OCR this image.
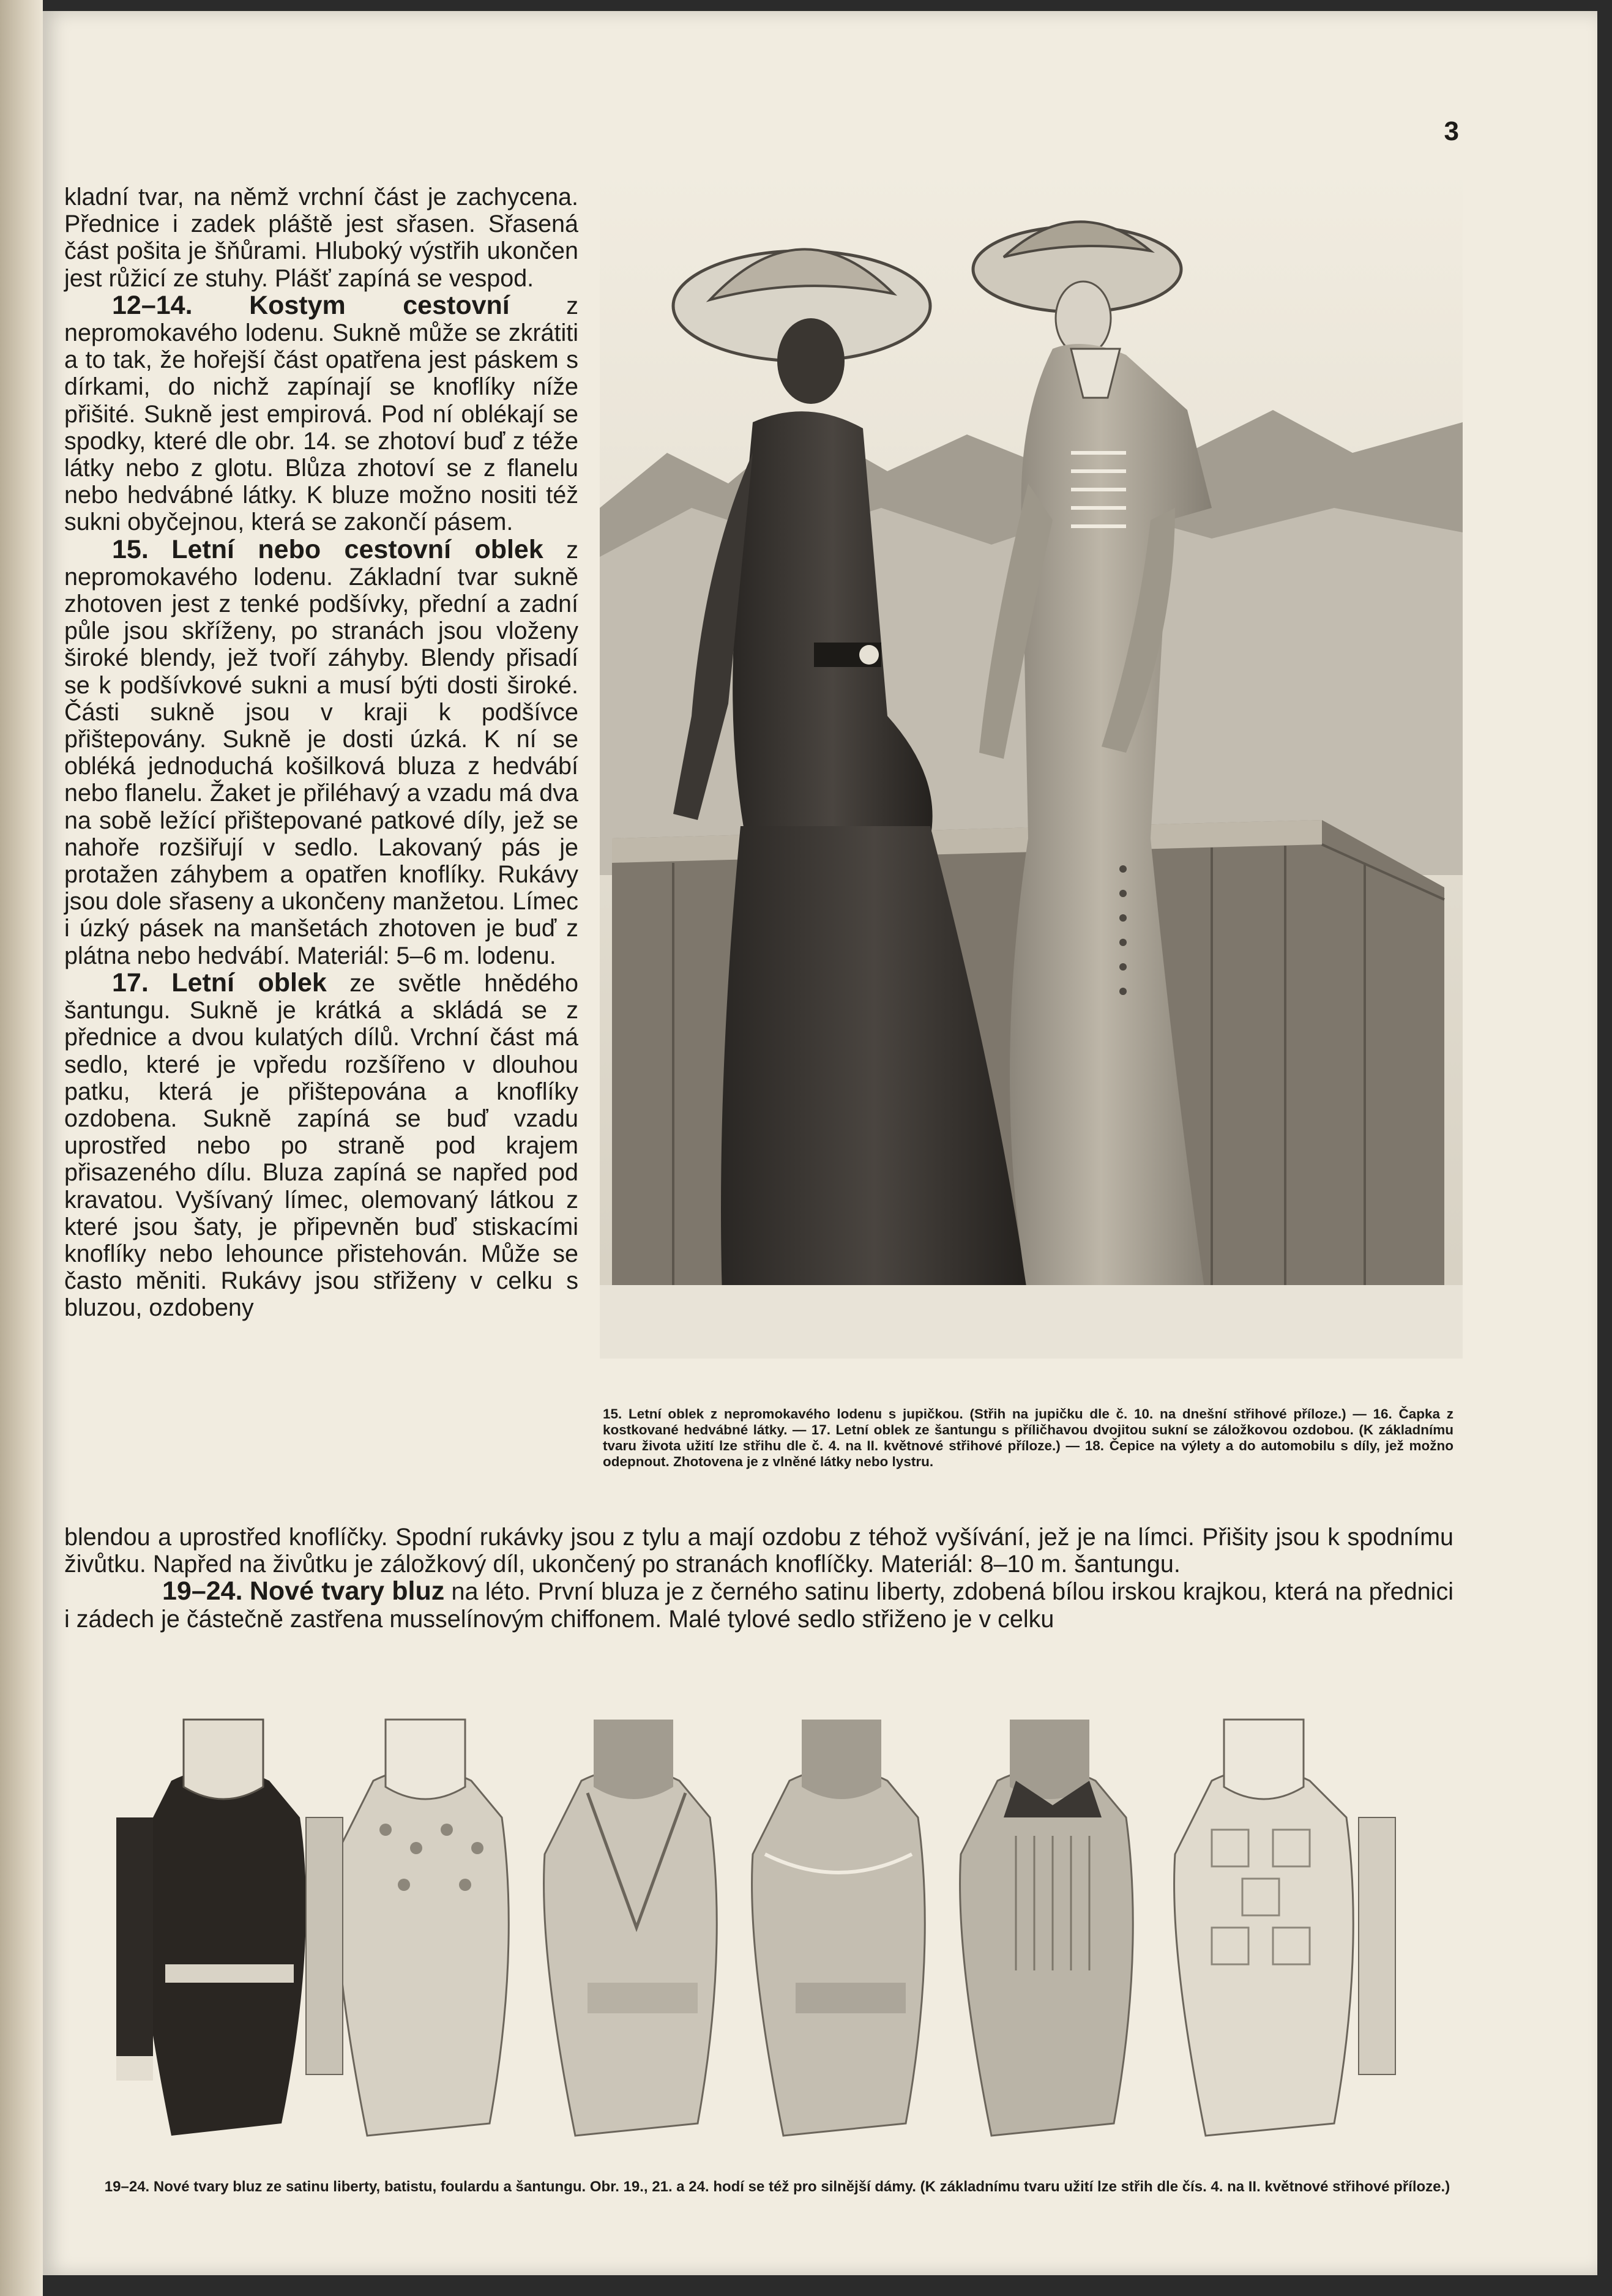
3

kladní tvar, na němž vrchní část je zachycena. Přednice i zadek pláště jest sřasen. Sřasená část pošita je šňůrami. Hluboký výstřih ukončen jest růžicí ze stuhy. Plášť zapíná se vespod.

12–14. Kostym cestovní z nepromokavého lodenu. Sukně může se zkrátiti a to tak, že hořejší část opatřena jest páskem s dírkami, do nichž zapínají se knoflíky níže přišité. Sukně jest empirová. Pod ní oblékají se spodky, které dle obr. 14. se zhotoví buď z téže látky nebo z glotu. Blůza zhotoví se z flanelu nebo hedvábné látky. K bluze možno nositi též sukni obyčejnou, která se zakončí pásem.

15. Letní nebo cestovní oblek z nepromokavého lodenu. Základní tvar sukně zhotoven jest z tenké podšívky, přední a zadní půle jsou skříženy, po stranách jsou vloženy široké blendy, jež tvoří záhyby. Blendy přisadí se k podšívkové sukni a musí býti dosti široké. Části sukně jsou v kraji k podšívce přištepovány. Sukně je dosti úzká. K ní se obléká jednoduchá košilková bluza z hedvábí nebo flanelu. Žaket je přiléhavý a vzadu má dva na sobě ležící přištepované patkové díly, jež se nahoře rozšiřují v sedlo. Lakovaný pás je protažen záhybem a opatřen knoflíky. Rukávy jsou dole sřaseny a ukončeny manžetou. Límec i úzký pásek na manšetách zhotoven je buď z plátna nebo hedvábí. Materiál: 5–6 m. lodenu.

17. Letní oblek ze světle hnědého šantungu. Sukně je krátká a skládá se z přednice a dvou kulatých dílů. Vrchní část má sedlo, které je vpředu rozšířeno v dlouhou patku, která je přištepována a knoflíky ozdobena. Sukně zapíná se buď vzadu uprostřed nebo po straně pod krajem přisazeného dílu. Bluza zapíná se napřed pod kravatou. Vyšívaný límec, olemovaný látkou z které jsou šaty, je připevněn buď stiskacími knoflíky nebo lehounce přistehován. Může se často měniti. Rukávy jsou střiženy v celku s bluzou, ozdobeny

15. Letní oblek z nepromokavého lodenu s jupičkou. (Střih na jupičku dle č. 10. na dnešní střihové příloze.) — 16. Čapka z kostkované hedvábné látky. — 17. Letní oblek ze šantungu s příličhavou dvojitou sukní se záložkovou ozdobou. (K základnímu tvaru života užití lze střihu dle č. 4. na II. květnové střihové příloze.) — 18. Čepice na výlety a do automobilu s díly, jež možno odepnout. Zhotovena je z vlněné látky nebo lystru.

blendou a uprostřed knoflíčky. Spodní rukávky jsou z tylu a mají ozdobu z téhož vyšívání, jež je na límci. Přišity jsou k spodnímu živůtku. Napřed na živůtku je záložkový díl, ukončený po stranách knoflíčky. Materiál: 8–10 m. šantungu.

19–24. Nové tvary bluz na léto. První bluza je z černého satinu liberty, zdobená bílou irskou krajkou, která na přednici i zádech je částečně zastřena musselínovým chiffonem. Malé tylové sedlo střiženo je v celku

19–24. Nové tvary bluz ze satinu liberty, batistu, foulardu a šantungu. Obr. 19., 21. a 24. hodí se též pro silnější dámy. (K základnímu tvaru užití lze střih dle čís. 4. na II. květnové střihové příloze.)
